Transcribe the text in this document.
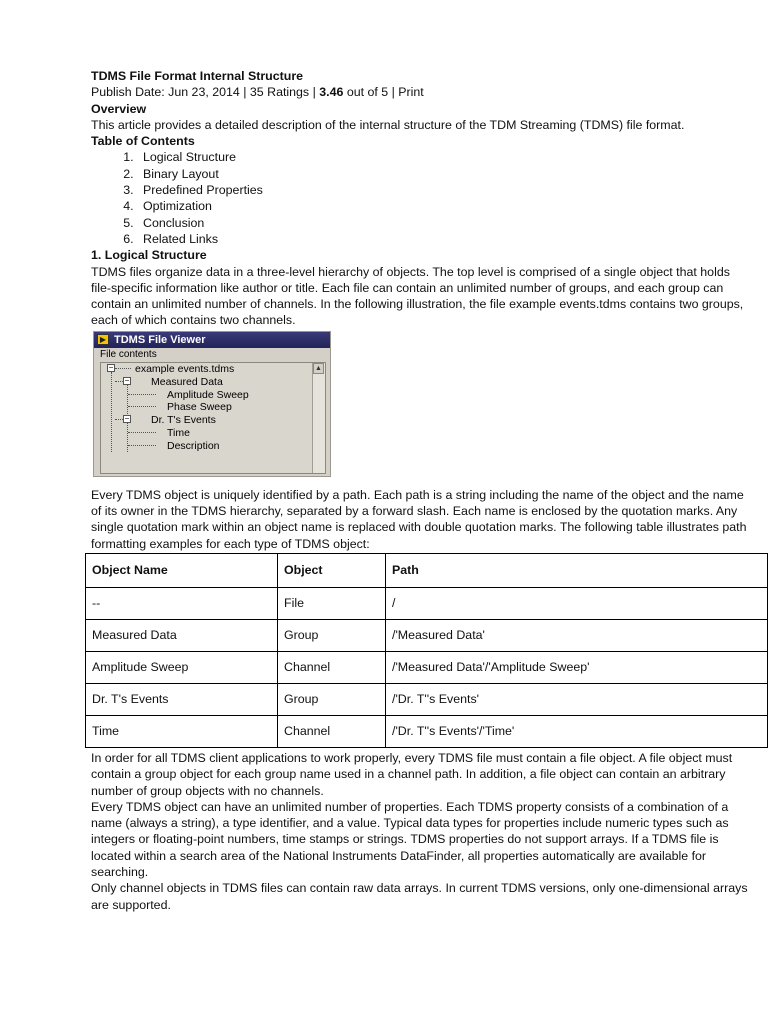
TDMS File Format Internal Structure

Publish Date: Jun 23, 2014 | 35 Ratings | 3.46 out of 5 | Print

Overview

This article provides a detailed description of the internal structure of the TDM Streaming (TDMS) file format.

Table of Contents

1. Logical Structure
2. Binary Layout
3. Predefined Properties
4. Optimization
5. Conclusion
6. Related Links

1. Logical Structure

TDMS files organize data in a three-level hierarchy of objects. The top level is comprised of a single object that holds file-specific information like author or title. Each file can contain an unlimited number of groups, and each group can contain an unlimited number of channels. In the following illustration, the file example events.tdms contains two groups, each of which contains two channels.

▶ TDMS File Viewer
File contents
▲
−
−
−
example events.tdms
Measured Data
Amplitude Sweep
Phase Sweep
Dr. T's Events
Time
Description

Every TDMS object is uniquely identified by a path. Each path is a string including the name of the object and the name of its owner in the TDMS hierarchy, separated by a forward slash. Each name is enclosed by the quotation marks. Any single quotation mark within an object name is replaced with double quotation marks. The following table illustrates path formatting examples for each type of TDMS object:

Object Name	Object	Path
--	File	/
Measured Data	Group	/'Measured Data'
Amplitude Sweep	Channel	/'Measured Data'/'Amplitude Sweep'
Dr. T's Events	Group	/'Dr. T''s Events'
Time	Channel	/'Dr. T''s Events'/'Time'

In order for all TDMS client applications to work properly, every TDMS file must contain a file object. A file object must contain a group object for each group name used in a channel path. In addition, a file object can contain an arbitrary number of group objects with no channels.

Every TDMS object can have an unlimited number of properties. Each TDMS property consists of a combination of a name (always a string), a type identifier, and a value. Typical data types for properties include numeric types such as integers or floating-point numbers, time stamps or strings. TDMS properties do not support arrays. If a TDMS file is located within a search area of the National Instruments DataFinder, all properties automatically are available for searching.

Only channel objects in TDMS files can contain raw data arrays. In current TDMS versions, only one-dimensional arrays are supported.
